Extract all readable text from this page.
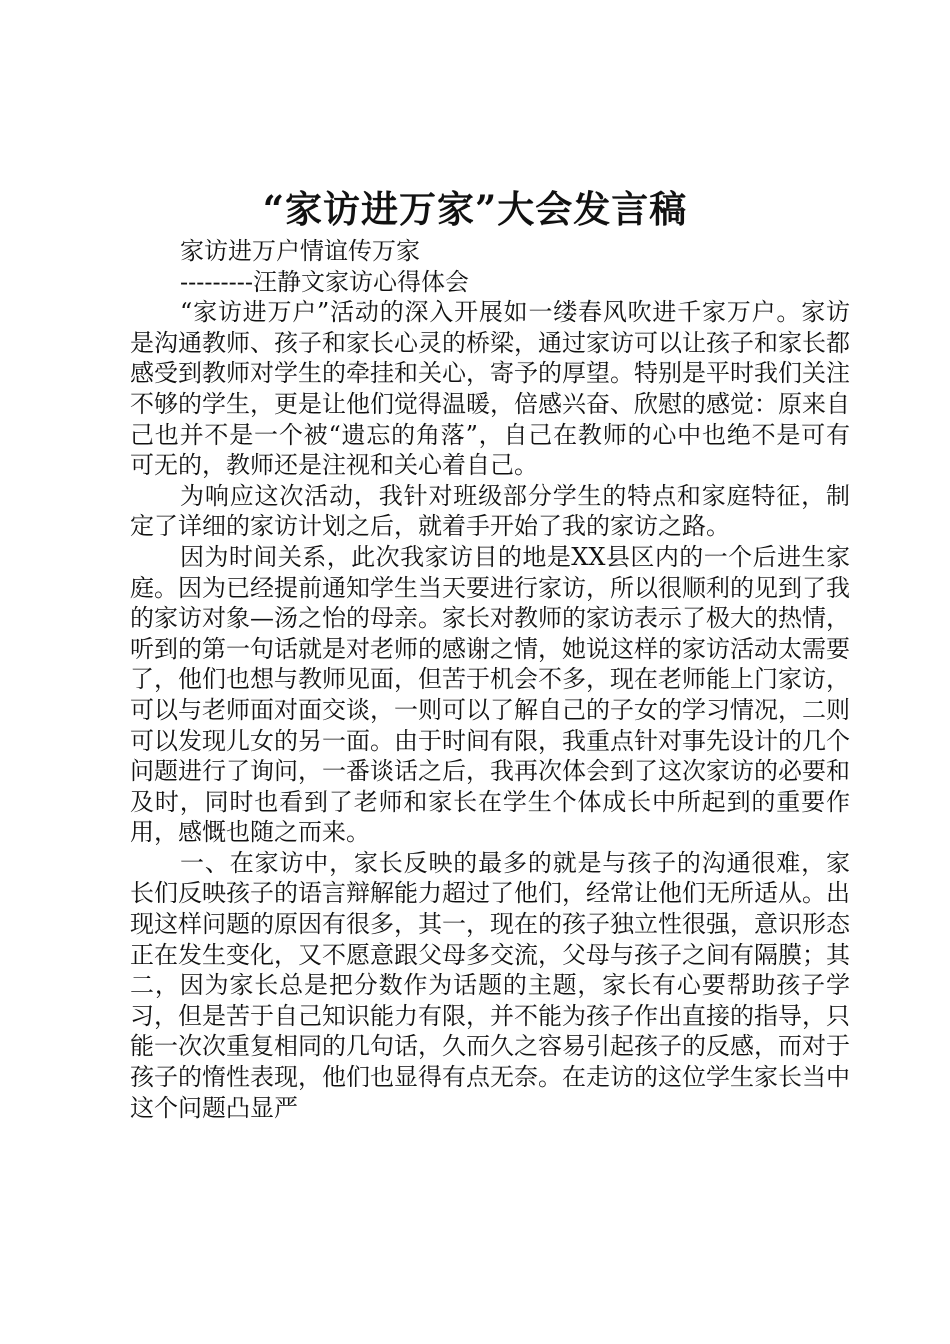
“家访进万家”大会发言稿

家访进万户情谊传万家

---------汪静文家访心得体会

“家访进万户”活动的深入开展如一缕春风吹进千家万户。家访是沟通教师、孩子和家长心灵的桥梁，通过家访可以让孩子和家长都感受到教师对学生的牵挂和关心，寄予的厚望。特别是平时我们关注不够的学生，更是让他们觉得温暖，倍感兴奋、欣慰的感觉：原来自己也并不是一个被“遗忘的角落”，自己在教师的心中也绝不是可有可无的，教师还是注视和关心着自己。

为响应这次活动，我针对班级部分学生的特点和家庭特征，制定了详细的家访计划之后，就着手开始了我的家访之路。

因为时间关系，此次我家访目的地是XX县区内的一个后进生家庭。因为已经提前通知学生当天要进行家访，所以很顺利的见到了我的家访对象—汤之怡的母亲。家长对教师的家访表示了极大的热情，听到的第一句话就是对老师的感谢之情，她说这样的家访活动太需要了，他们也想与教师见面，但苦于机会不多，现在老师能上门家访，可以与老师面对面交谈，一则可以了解自己的子女的学习情况，二则可以发现儿女的另一面。由于时间有限，我重点针对事先设计的几个问题进行了询问，一番谈话之后，我再次体会到了这次家访的必要和及时，同时也看到了老师和家长在学生个体成长中所起到的重要作用，感慨也随之而来。

一、在家访中，家长反映的最多的就是与孩子的沟通很难，家长们反映孩子的语言辩解能力超过了他们，经常让他们无所适从。出现这样问题的原因有很多，其一，现在的孩子独立性很强，意识形态正在发生变化，又不愿意跟父母多交流，父母与孩子之间有隔膜；其二，因为家长总是把分数作为话题的主题，家长有心要帮助孩子学习，但是苦于自己知识能力有限，并不能为孩子作出直接的指导，只能一次次重复相同的几句话，久而久之容易引起孩子的反感，而对于孩子的惰性表现，他们也显得有点无奈。在走访的这位学生家长当中这个问题凸显严
